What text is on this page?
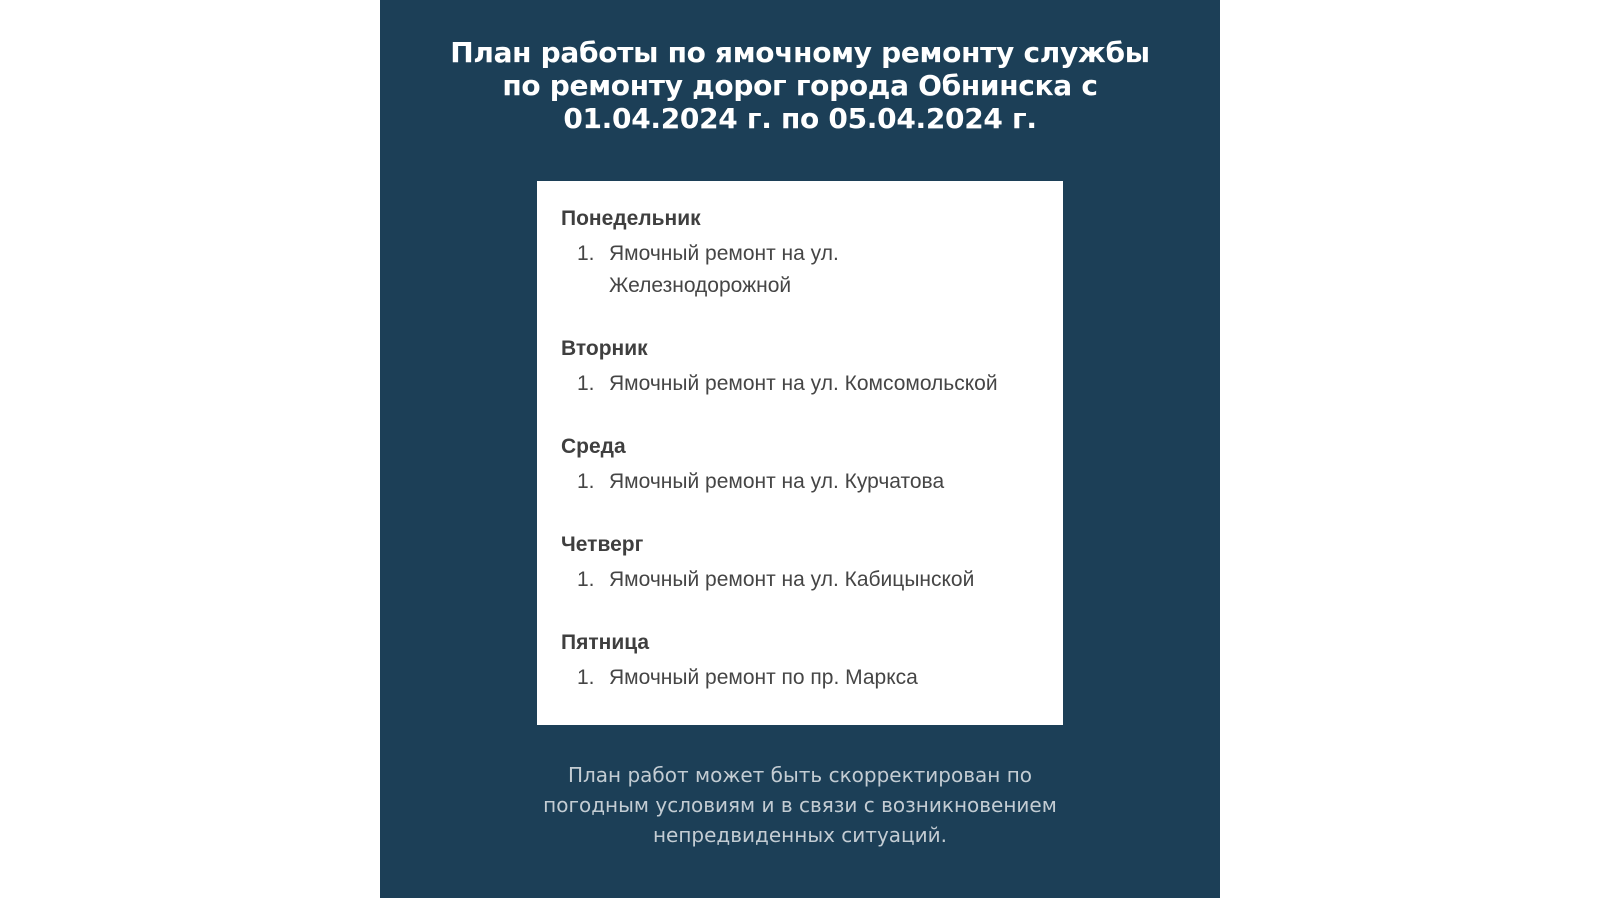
План работы по ямочному ремонту службы
по ремонту дорог города Обнинска с
01.04.2024 г. по 05.04.2024 г.
Понедельник
1. Ямочный ремонт на ул. Железнодорожной
Вторник
1. Ямочный ремонт на ул. Комсомольской
Среда
1. Ямочный ремонт на ул. Курчатова
Четверг
1. Ямочный ремонт на ул. Кабицынской
Пятница
1. Ямочный ремонт по пр. Маркса
План работ может быть скорректирован по
погодным условиям и в связи с возникновением
непредвиденных ситуаций.
